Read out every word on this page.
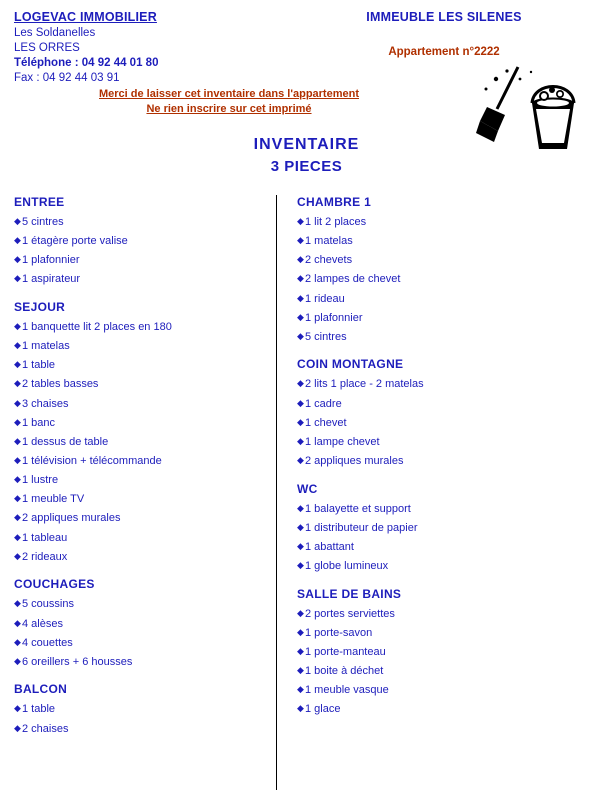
LOGEVAC IMMOBILIER
Les Soldanelles
LES ORRES
Téléphone : 04 92 44 01 80
Fax : 04 92 44 03 91
IMMEUBLE LES SILENES
Appartement n°2222
Merci de laisser cet inventaire dans l'appartement
Ne rien inscrire sur cet imprimé
INVENTAIRE
3 PIECES
ENTREE
◆ 5 cintres
◆ 1 étagère porte valise
◆ 1 plafonnier
◆ 1 aspirateur
SEJOUR
◆ 1 banquette lit 2 places en 180
◆ 1 matelas
◆ 1 table
◆ 2 tables basses
◆ 3 chaises
◆ 1 banc
◆ 1 dessus de table
◆ 1 télévision + télécommande
◆ 1 lustre
◆ 1 meuble TV
◆ 2 appliques murales
◆ 1 tableau
◆ 2 rideaux
COUCHAGES
◆ 5 coussins
◆ 4 alèses
◆ 4 couettes
◆ 6 oreillers + 6 housses
BALCON
◆ 1 table
◆ 2 chaises
CHAMBRE 1
◆ 1 lit 2 places
◆ 1 matelas
◆ 2 chevets
◆ 2 lampes de chevet
◆ 1 rideau
◆ 1 plafonnier
◆ 5 cintres
COIN MONTAGNE
◆ 2 lits 1 place - 2 matelas
◆ 1 cadre
◆ 1 chevet
◆ 1 lampe chevet
◆ 2 appliques murales
WC
◆ 1 balayette et support
◆ 1 distributeur de papier
◆ 1 abattant
◆ 1 globe lumineux
SALLE DE BAINS
◆ 2 portes serviettes
◆ 1 porte-savon
◆ 1 porte-manteau
◆ 1 boite à déchet
◆ 1 meuble vasque
◆ 1 glace
